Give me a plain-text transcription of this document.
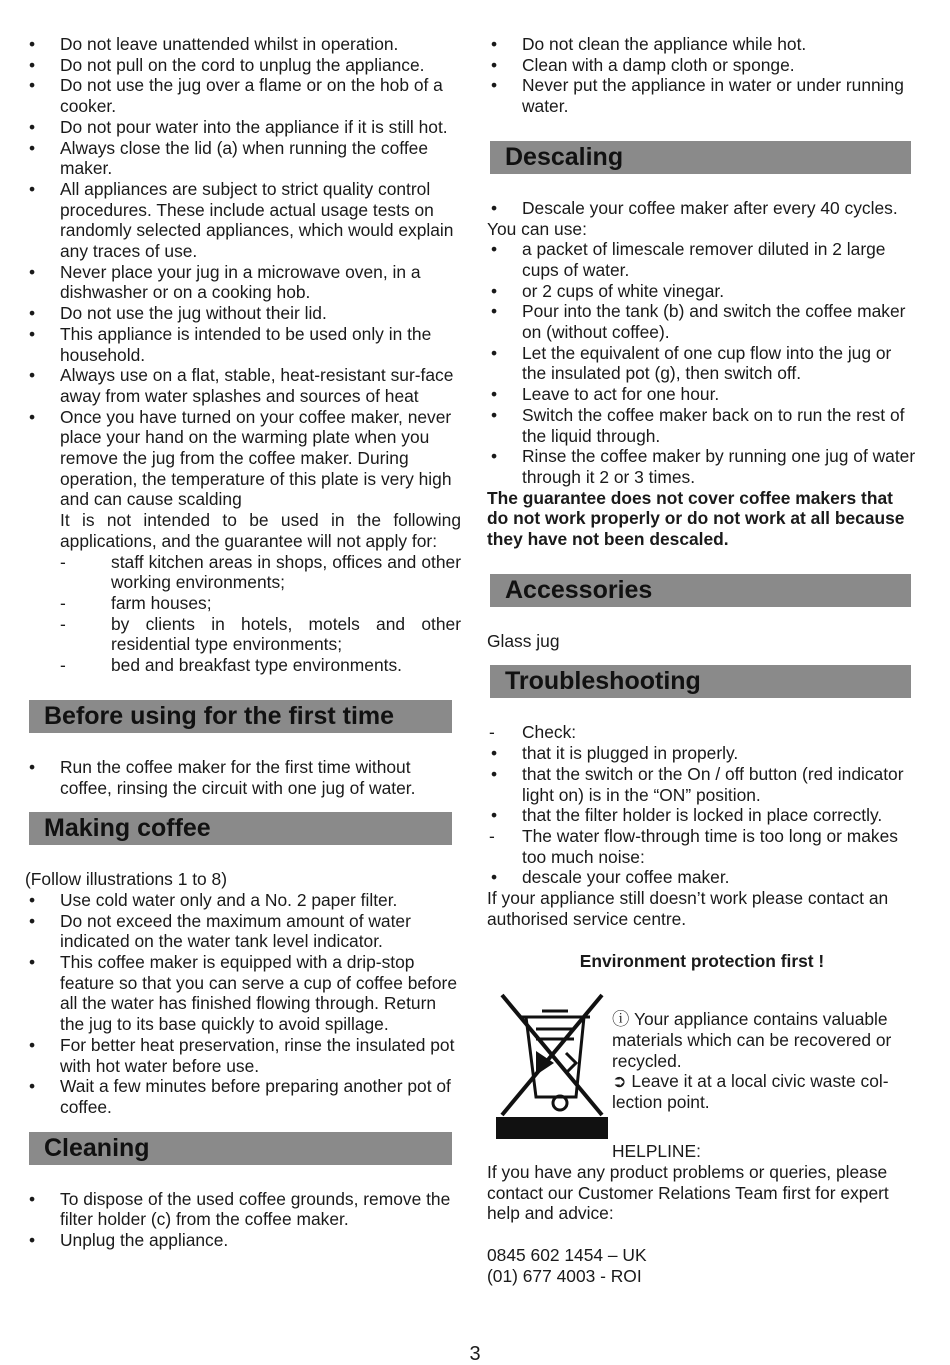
• Do not leave unattended whilst in operation.

• Do not pull on the cord to unplug the appliance.

• Do not use the jug over a flame or on the hob of a cooker.

• Do not pour water into the appliance if it is still hot.

• Always close the lid (a) when running the coffee maker.

• All appliances are subject to strict quality control procedures. These include actual usage tests on randomly selected appliances, which would explain any traces of use.

• Never place your jug in a microwave oven, in a dishwasher or on a cooking hob.

• Do not use the jug without their lid.

• This appliance is intended to be used only in the household.

• Always use on a flat, stable, heat-resistant sur-face away from water splashes and sources of heat

• Once you have turned on your coffee maker, never place your hand on the warming plate when you remove the jug from the coffee maker. During operation, the temperature of this plate is very high and can cause scalding

It is not intended to be used in the following applications, and the guarantee will not apply for:

- staff kitchen areas in shops, offices and other working environments;

- farm houses;

- by clients in hotels, motels and other residential type environments;

- bed and breakfast type environments.

Before using for the first time

• Run the coffee maker for the first time without coffee, rinsing the circuit with one jug of water.

Making coffee

(Follow illustrations 1 to 8)

• Use cold water only and a No. 2 paper filter.

• Do not exceed the maximum amount of water indicated on the water tank level indicator.

• This coffee maker is equipped with a drip-stop feature so that you can serve a cup of coffee before all the water has finished flowing through. Return the jug to its base quickly to avoid spillage.

• For better heat preservation, rinse the insulated pot with hot water before use.

• Wait a few minutes before preparing another pot of coffee.

Cleaning

• To dispose of the used coffee grounds, remove the filter holder (c) from the coffee maker.

• Unplug the appliance.

• Do not clean the appliance while hot.

• Clean with a damp cloth or sponge.

• Never put the appliance in water or under running water.

Descaling

• Descale your coffee maker after every 40 cycles.

You can use:

• a packet of limescale remover diluted in 2 large cups of water.

• or 2 cups of white vinegar.

• Pour into the tank (b) and switch the coffee maker on (without coffee).

• Let the equivalent of one cup flow into the jug or the insulated pot (g), then switch off.

• Leave to act for one hour.

• Switch the coffee maker back on to run the rest of the liquid through.

• Rinse the coffee maker by running one jug of water through it 2 or 3 times.

The guarantee does not cover coffee makers that do not work properly or do not work at all because they have not been descaled.

Accessories

Glass jug

Troubleshooting

- Check:

• that it is plugged in properly.

• that the switch or the On / off button (red indicator light on) is in the “ON” position.

• that the filter holder is locked in place correctly.

- The water flow-through time is too long or makes too much noise:

• descale your coffee maker.

If your appliance still doesn’t work please contact an authorised service centre.

Environment protection first !

ⓘ Your appliance contains valuable materials which can be recovered or recycled.

➲ Leave it at a local civic waste col-lection point.

HELPLINE:

If you have any product problems or queries, please contact our Customer Relations Team first for expert help and advice:

0845 602 1454 – UK

(01) 677 4003 - ROI

3
